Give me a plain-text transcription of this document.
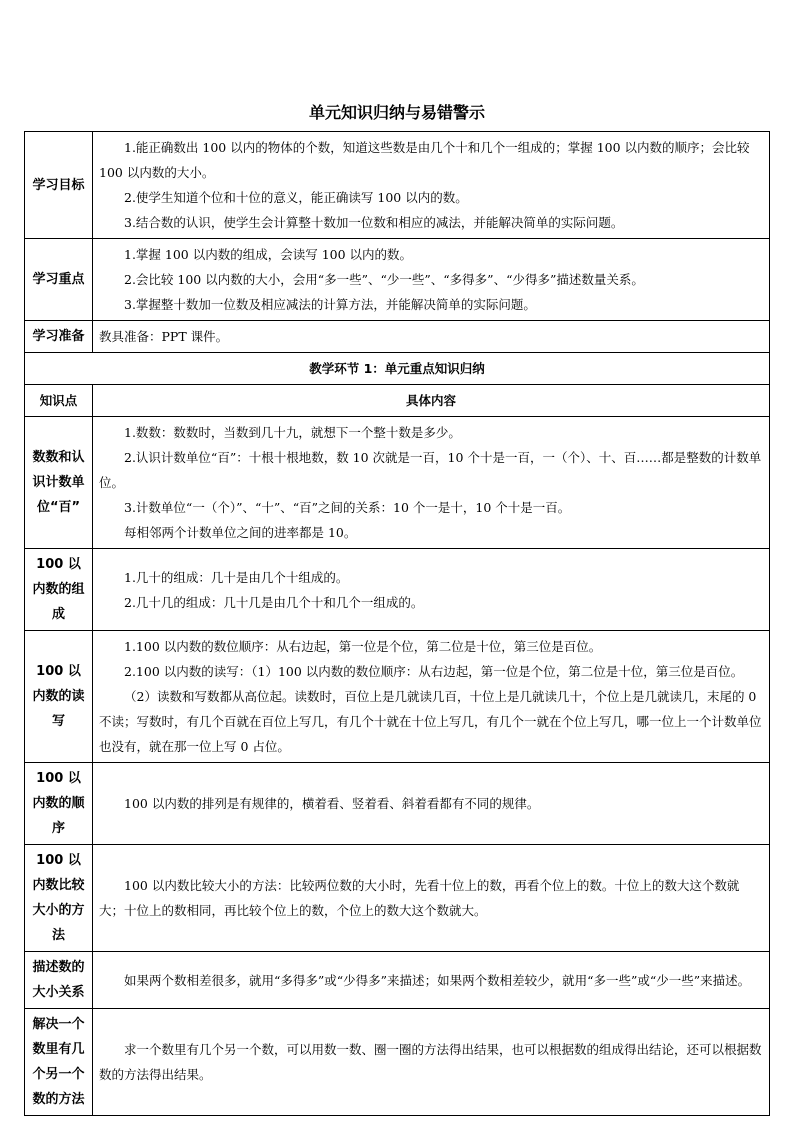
单元知识归纳与易错警示
学习目标	1.能正确数出 100 以内的物体的个数，知道这些数是由几个十和几个一组成的；掌握 100 以内数的顺序；会比较 100 以内数的大小。

2.使学生知道个位和十位的意义，能正确读写 100 以内的数。

3.结合数的认识，使学生会计算整十数加一位数和相应的减法，并能解决简单的实际问题。

学习重点	1.掌握 100 以内数的组成，会读写 100 以内的数。

2.会比较 100 以内数的大小，会用“多一些”、“少一些”、“多得多”、“少得多”描述数量关系。

3.掌握整十数加一位数及相应减法的计算方法，并能解决简单的实际问题。

学习准备	教具准备：PPT 课件。

教学环节 1：单元重点知识归纳	
知识点	具体内容
数数和认识计数单位“百”	1.数数：数数时，当数到几十九，就想下一个整十数是多少。

2.认识计数单位“百”：十根十根地数，数 10 次就是一百，10 个十是一百，一（个）、十、百……都是整数的计数单位。

3.计数单位“一（个）”、“十”、“百”之间的关系：10 个一是十，10 个十是一百。

每相邻两个计数单位之间的进率都是 10。

100 以内数的组成	1.几十的组成：几十是由几个十组成的。

2.几十几的组成：几十几是由几个十和几个一组成的。

100 以内数的读写	1.100 以内数的数位顺序：从右边起，第一位是个位，第二位是十位，第三位是百位。

2.100 以内数的读写：（1）100 以内数的数位顺序：从右边起，第一位是个位，第二位是十位，第三位是百位。

（2）读数和写数都从高位起。读数时，百位上是几就读几百，十位上是几就读几十，个位上是几就读几，末尾的 0 不读；写数时，有几个百就在百位上写几，有几个十就在十位上写几，有几个一就在个位上写几，哪一位上一个计数单位也没有，就在那一位上写 0 占位。

100 以内数的顺序	100 以内数的排列是有规律的，横着看、竖着看、斜着看都有不同的规律。

100 以内数比较大小的方法	100 以内数比较大小的方法：比较两位数的大小时，先看十位上的数，再看个位上的数。十位上的数大这个数就大；十位上的数相同，再比较个位上的数，个位上的数大这个数就大。

描述数的大小关系	如果两个数相差很多，就用“多得多”或“少得多”来描述；如果两个数相差较少，就用“多一些”或“少一些”来描述。

解决一个数里有几个另一个数的方法	求一个数里有几个另一个数，可以用数一数、圈一圈的方法得出结果，也可以根据数的组成得出结论，还可以根据数数的方法得出结果。
